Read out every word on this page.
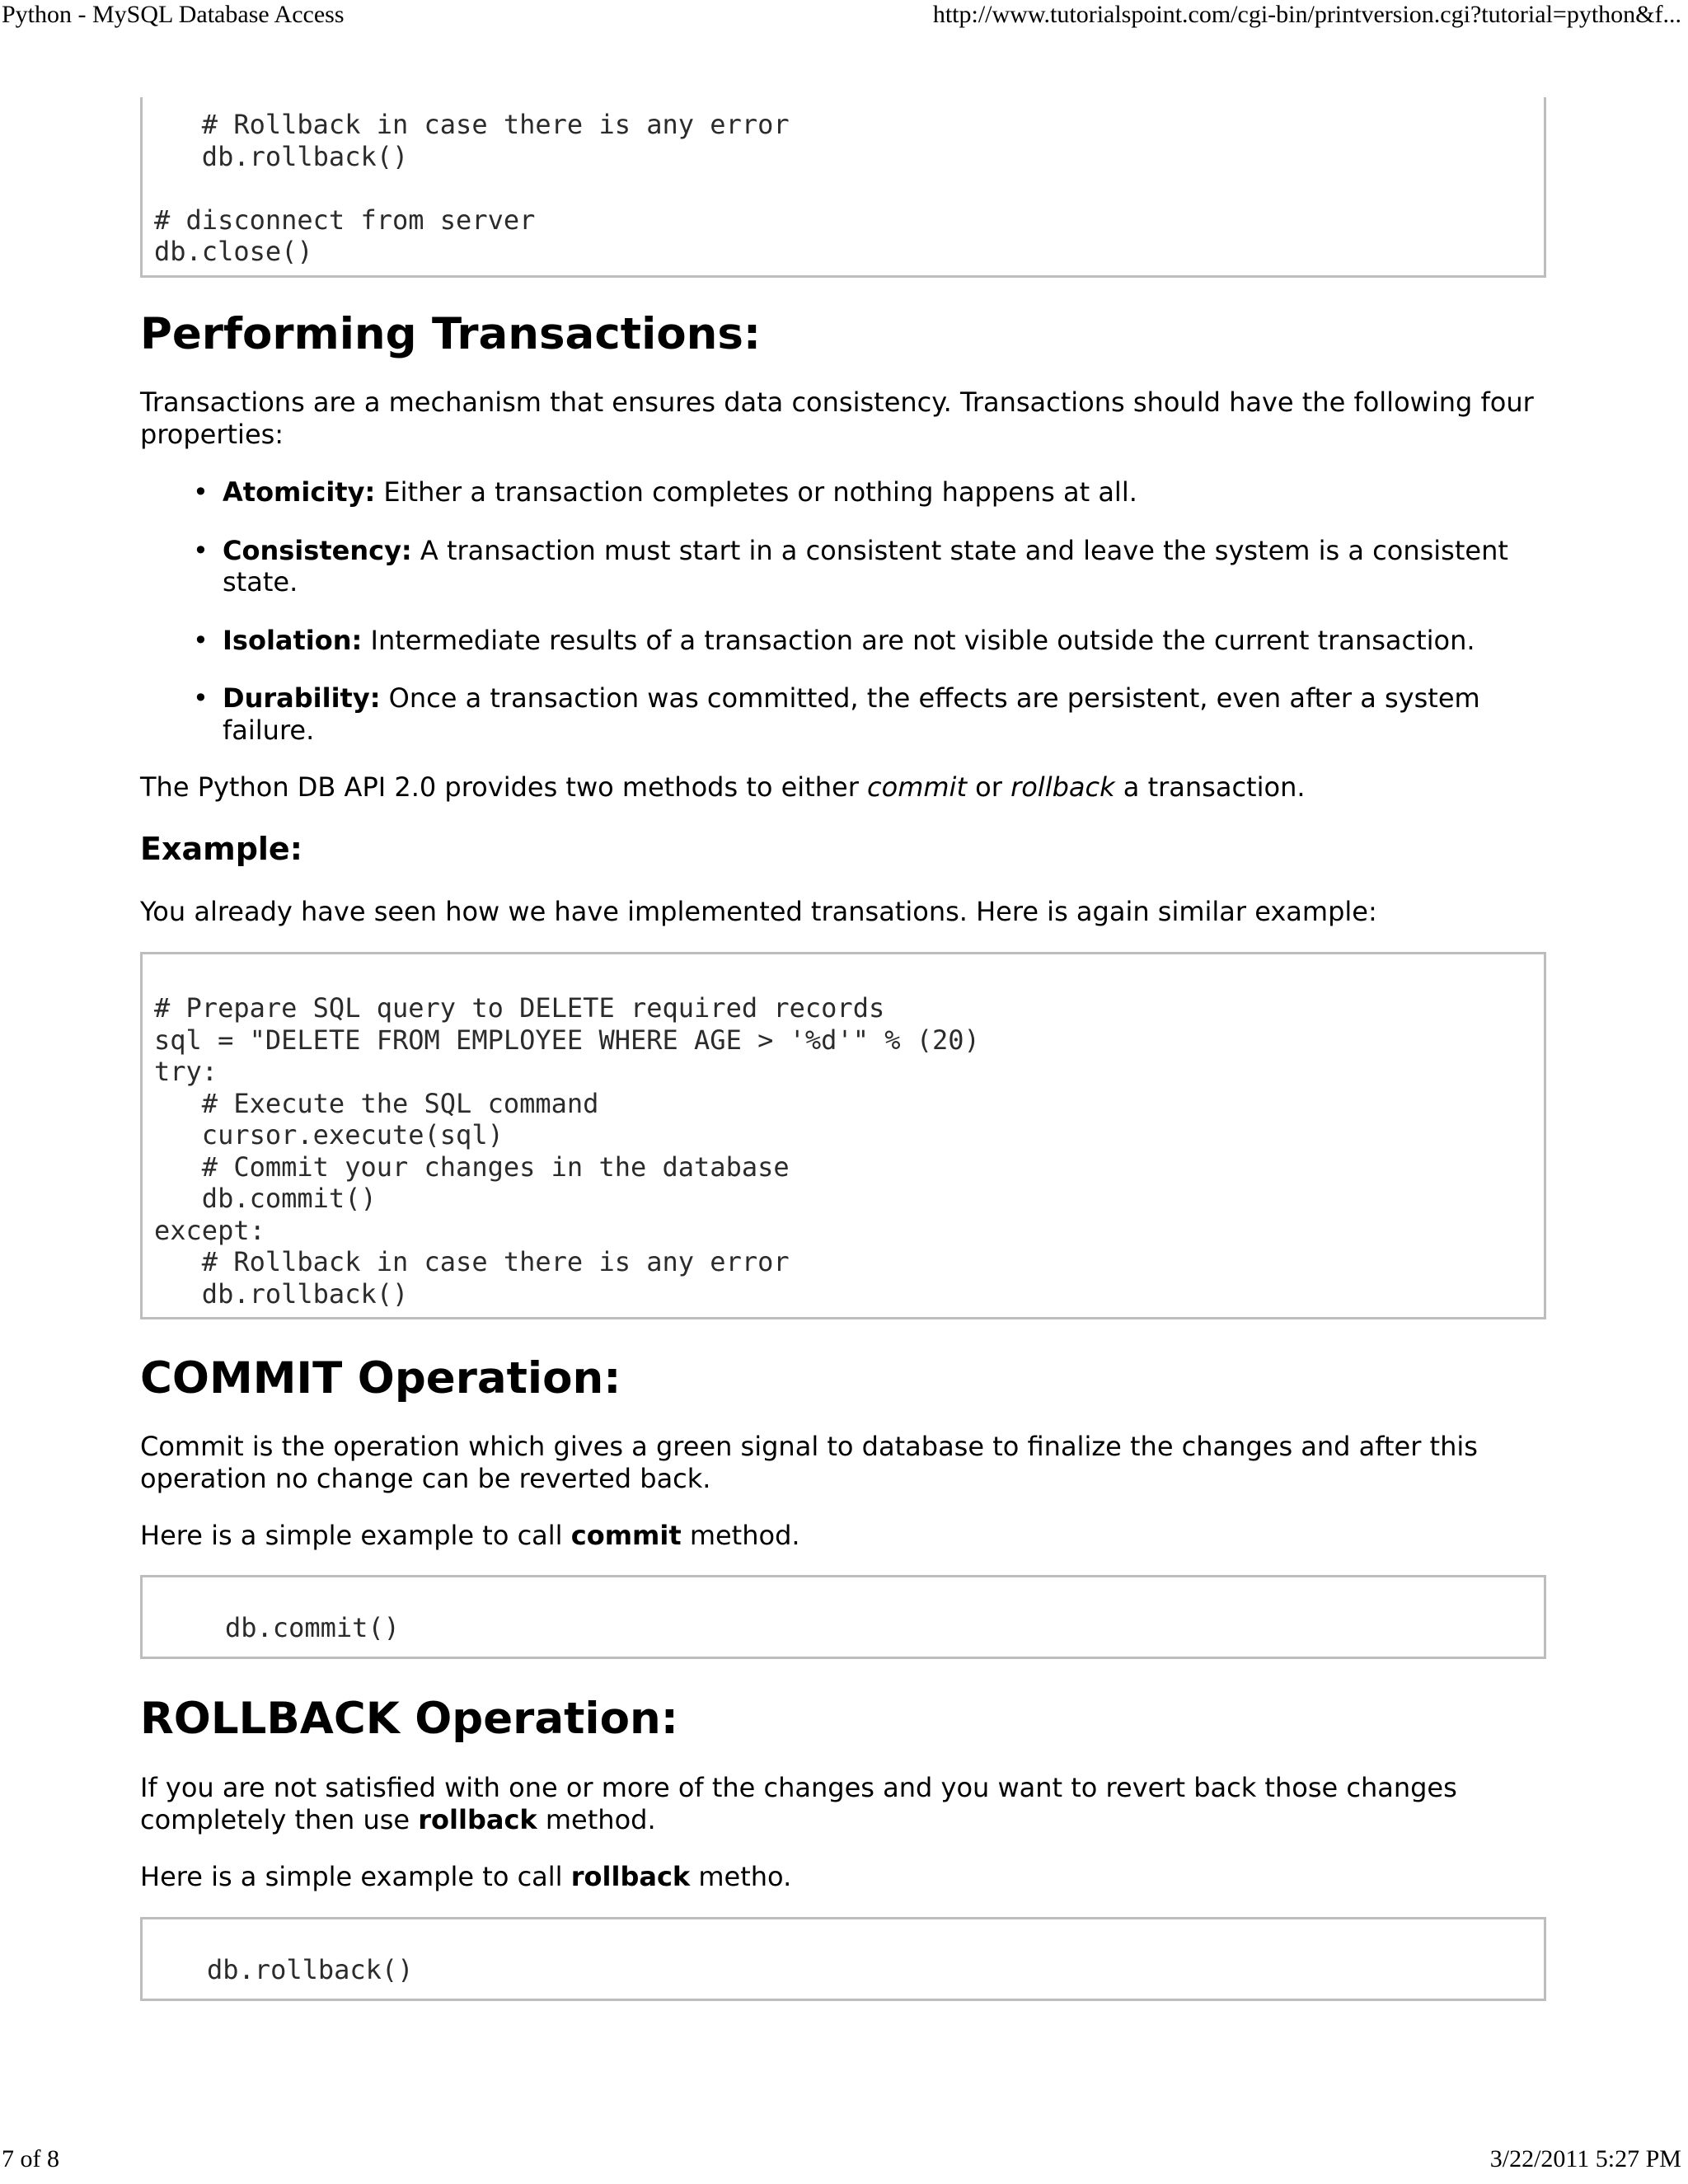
Python - MySQL Database Access	http://www.tutorialspoint.com/cgi-bin/printversion.cgi?tutorial=python&f...
# Rollback in case there is any error
db.rollback()

# disconnect from server
db.close()
Performing Transactions:

Transactions are a mechanism that ensures data consistency. Transactions should have the following four properties:

• Atomicity: Either a transaction completes or nothing happens at all.
• Consistency: A transaction must start in a consistent state and leave the system is a consistent state.
• Isolation: Intermediate results of a transaction are not visible outside the current transaction.
• Durability: Once a transaction was committed, the effects are persistent, even after a system failure.

The Python DB API 2.0 provides two methods to either commit or rollback a transaction.

Example:

You already have seen how we have implemented transations. Here is again similar example:

# Prepare SQL query to DELETE required records
sql = "DELETE FROM EMPLOYEE WHERE AGE > '%d'" % (20)
try:
# Execute the SQL command
cursor.execute(sql)
# Commit your changes in the database
db.commit()
except:
# Rollback in case there is any error
db.rollback()
COMMIT Operation:

Commit is the operation which gives a green signal to database to finalize the changes and after this operation no change can be reverted back.

Here is a simple example to call commit method.

db.commit()
ROLLBACK Operation:

If you are not satisfied with one or more of the changes and you want to revert back those changes completely then use rollback method.

Here is a simple example to call rollback metho.

db.rollback()
7 of 8	3/22/2011 5:27 PM
